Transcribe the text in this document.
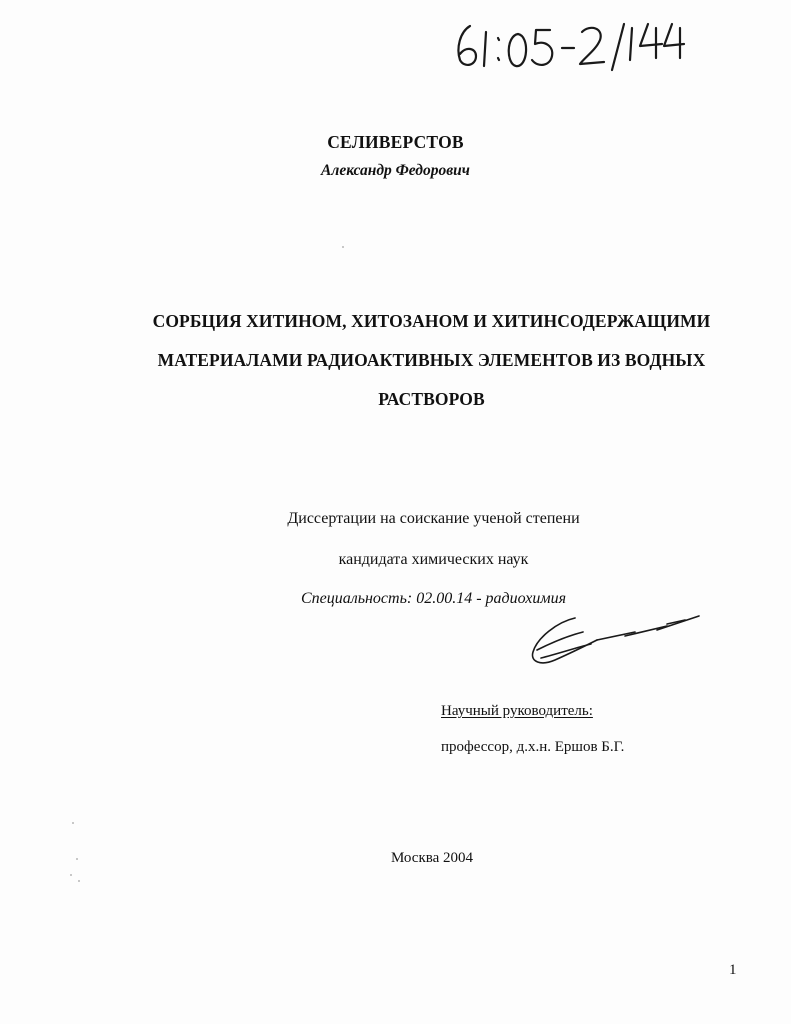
СЕЛИВЕРСТОВ
Александр Федорович
СОРБЦИЯ ХИТИНОМ, ХИТОЗАНОМ И ХИТИНСОДЕРЖАЩИМИ
МАТЕРИАЛАМИ РАДИОАКТИВНЫХ ЭЛЕМЕНТОВ ИЗ ВОДНЫХ
РАСТВОРОВ
Диссертации на соискание ученой степени
кандидата химических наук
Специальность: 02.00.14 - радиохимия
Научный руководитель:
профессор, д.х.н. Ершов Б.Г.
Москва 2004
1
